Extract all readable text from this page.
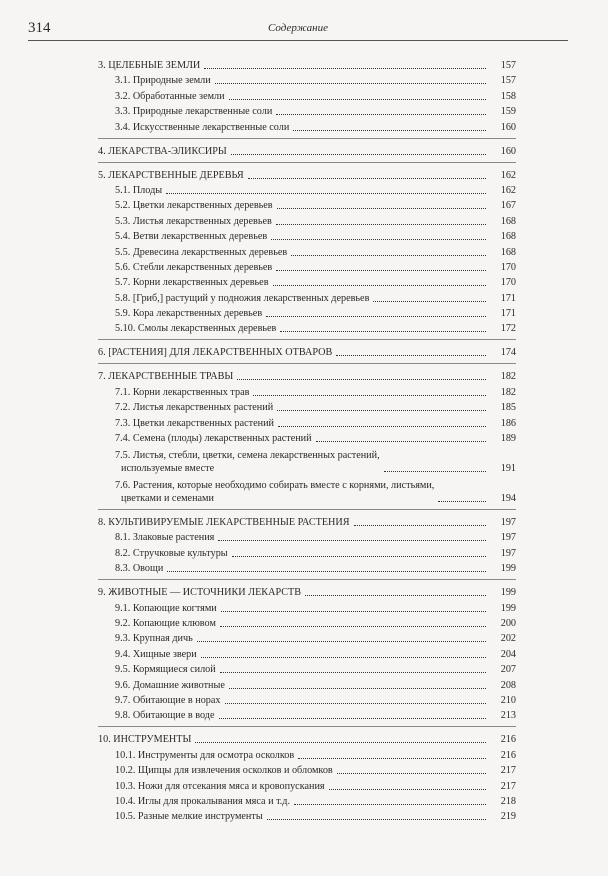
314	Содержание
3. ЦЕЛЕБНЫЕ ЗЕМЛИ	157
3.1. Природные земли	157
3.2. Обработанные земли	158
3.3. Природные лекарственные соли	159
3.4. Искусственные лекарственные соли	160
4. ЛЕКАРСТВА-ЭЛИКСИРЫ	160
5. ЛЕКАРСТВЕННЫЕ ДЕРЕВЬЯ	162
5.1. Плоды	162
5.2. Цветки лекарственных деревьев	167
5.3. Листья лекарственных деревьев	168
5.4. Ветви лекарственных деревьев	168
5.5. Древесина лекарственных деревьев	168
5.6. Стебли лекарственных деревьев	170
5.7. Корни лекарственных деревьев	170
5.8. [Гриб,] растущий у подножия лекарственных деревьев	171
5.9. Кора лекарственных деревьев	171
5.10. Смолы лекарственных деревьев	172
6. [РАСТЕНИЯ] ДЛЯ ЛЕКАРСТВЕННЫХ ОТВАРОВ	174
7. ЛЕКАРСТВЕННЫЕ ТРАВЫ	182
7.1. Корни лекарственных трав	182
7.2. Листья лекарственных растений	185
7.3. Цветки лекарственных растений	186
7.4. Семена (плоды) лекарственных растений	189
7.5. Листья, стебли, цветки, семена лекарственных растений,
используемые вместе	191
7.6. Растения, которые необходимо собирать вместе с корнями, листьями,
цветками и семенами	194
8. КУЛЬТИВИРУЕМЫЕ ЛЕКАРСТВЕННЫЕ РАСТЕНИЯ	197
8.1. Злаковые растения	197
8.2. Стручковые культуры	197
8.3. Овощи	199
9. ЖИВОТНЫЕ — ИСТОЧНИКИ ЛЕКАРСТВ	199
9.1. Копающие когтями	199
9.2. Копающие клювом	200
9.3. Крупная дичь	202
9.4. Хищные звери	204
9.5. Кормящиеся силой	207
9.6. Домашние животные	208
9.7. Обитающие в норах	210
9.8. Обитающие в воде	213
10. ИНСТРУМЕНТЫ	216
10.1. Инструменты для осмотра осколков	216
10.2. Щипцы для извлечения осколков и обломков	217
10.3. Ножи для отсекания мяса и кровопускания	217
10.4. Иглы для прокалывания мяса и т.д.	218
10.5. Разные мелкие инструменты	219
